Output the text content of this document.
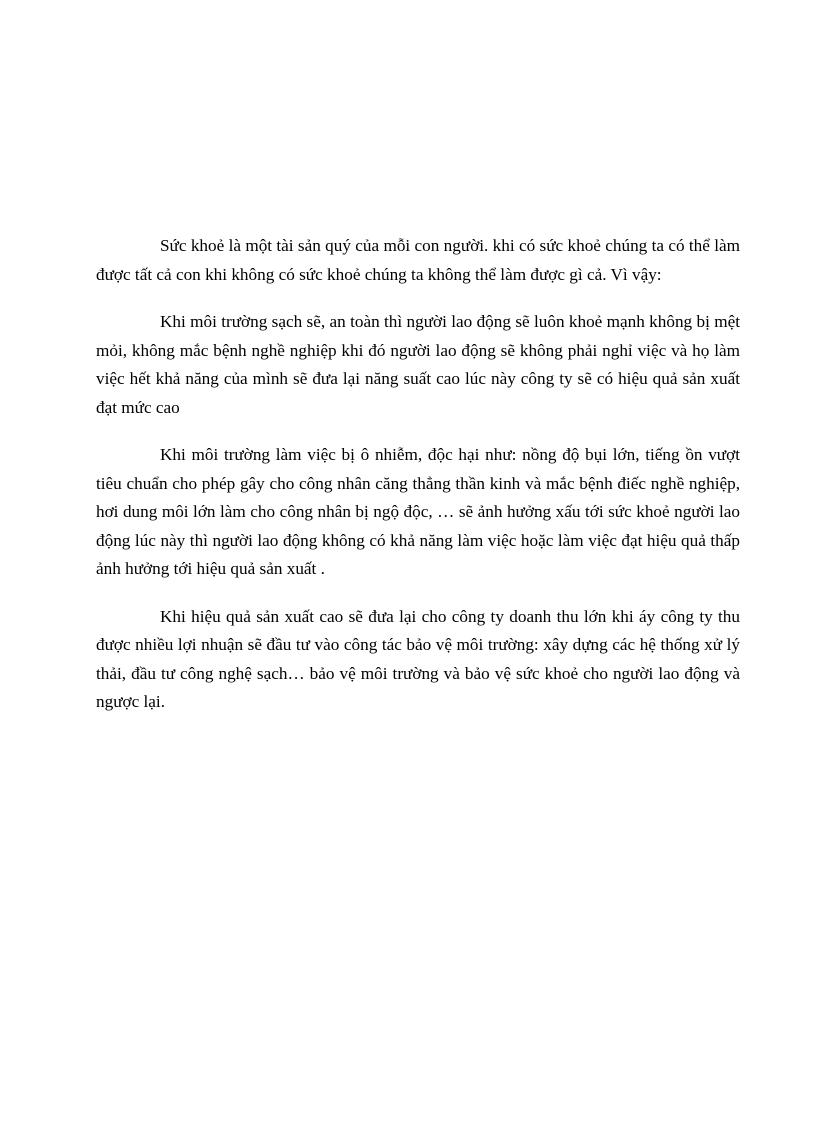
Sức khoẻ là một tài sản quý của mỗi con người. khi có sức khoẻ chúng ta có thể làm được tất cả con khi không có sức khoẻ chúng ta không thể làm được gì cả. Vì vậy:

Khi môi trường sạch sẽ, an toàn thì người lao động sẽ luôn khoẻ mạnh không bị mệt mỏi, không mắc bệnh nghề nghiệp khi đó người lao động sẽ không phải nghỉ việc và họ làm việc hết khả năng của mình sẽ đưa lại năng suất cao lúc này công ty sẽ có hiệu quả sản xuất đạt mức cao

Khi môi trường làm việc bị ô nhiễm, độc hại như: nồng độ bụi lớn, tiếng ồn vượt tiêu chuẩn cho phép gây cho công nhân căng thẳng thần kinh và mắc bệnh điếc nghề nghiệp, hơi dung môi lớn làm cho công nhân bị ngộ độc, … sẽ ảnh hưởng xấu tới sức khoẻ người lao động lúc này thì người lao động không có khả năng làm việc hoặc làm việc đạt hiệu quả thấp ảnh hưởng tới hiệu quả sản xuất .

Khi hiệu quả sản xuất cao sẽ đưa lại cho công ty doanh thu lớn khi áy công ty thu được nhiều lợi nhuận sẽ đầu tư vào công tác bảo vệ môi trường: xây dựng các hệ thống xử lý thải, đầu tư công nghệ sạch… bảo vệ môi trường và bảo vệ sức khoẻ cho người lao động và ngược lại.
